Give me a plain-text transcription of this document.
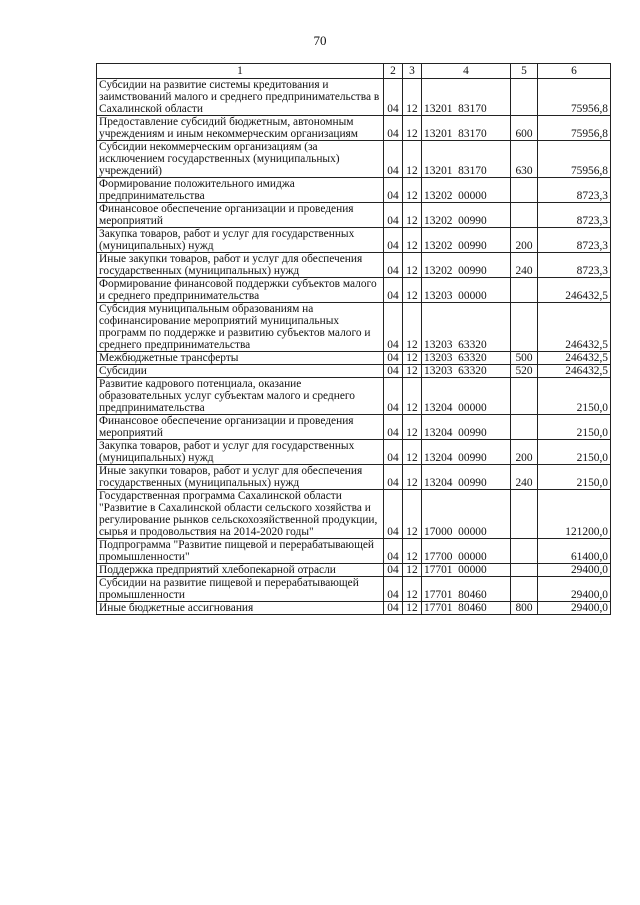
70
1	2	3	4	5	6
Субсидии на развитие системы кредитования и заимствований малого и среднего предпринимательства в Сахалинской области	04	12	13201  83170		75956,8
Предоставление субсидий бюджетным, автономным учреждениям и иным некоммерческим организациям	04	12	13201  83170	600	75956,8
Субсидии некоммерческим организациям (за исключением государственных (муниципальных) учреждений)	04	12	13201  83170	630	75956,8
Формирование положительного имиджа предпринимательства	04	12	13202  00000		8723,3
Финансовое обеспечение организации и проведения мероприятий	04	12	13202  00990		8723,3
Закупка товаров, работ и услуг для государственных (муниципальных) нужд	04	12	13202  00990	200	8723,3
Иные закупки товаров, работ и услуг для обеспечения государственных (муниципальных) нужд	04	12	13202  00990	240	8723,3
Формирование финансовой поддержки субъектов малого и среднего предпринимательства	04	12	13203  00000		246432,5
Субсидия муниципальным образованиям на софинансирование мероприятий муниципальных программ по поддержке и развитию субъектов малого и среднего предпринимательства	04	12	13203  63320		246432,5
Межбюджетные трансферты	04	12	13203  63320	500	246432,5
Субсидии	04	12	13203  63320	520	246432,5
Развитие кадрового потенциала, оказание образовательных услуг субъектам малого и среднего предпринимательства	04	12	13204  00000		2150,0
Финансовое обеспечение организации и проведения мероприятий	04	12	13204  00990		2150,0
Закупка товаров, работ и услуг для государственных (муниципальных) нужд	04	12	13204  00990	200	2150,0
Иные закупки товаров, работ и услуг для обеспечения государственных (муниципальных) нужд	04	12	13204  00990	240	2150,0
Государственная программа Сахалинской области "Развитие в Сахалинской области сельского хозяйства и регулирование рынков сельскохозяйственной продукции, сырья и продовольствия на 2014-2020 годы"	04	12	17000  00000		121200,0
Подпрограмма "Развитие пищевой и перерабатывающей промышленности"	04	12	17700  00000		61400,0
Поддержка предприятий хлебопекарной отрасли	04	12	17701  00000		29400,0
Субсидии на развитие пищевой и перерабатывающей промышленности	04	12	17701  80460		29400,0
Иные бюджетные ассигнования	04	12	17701  80460	800	29400,0
